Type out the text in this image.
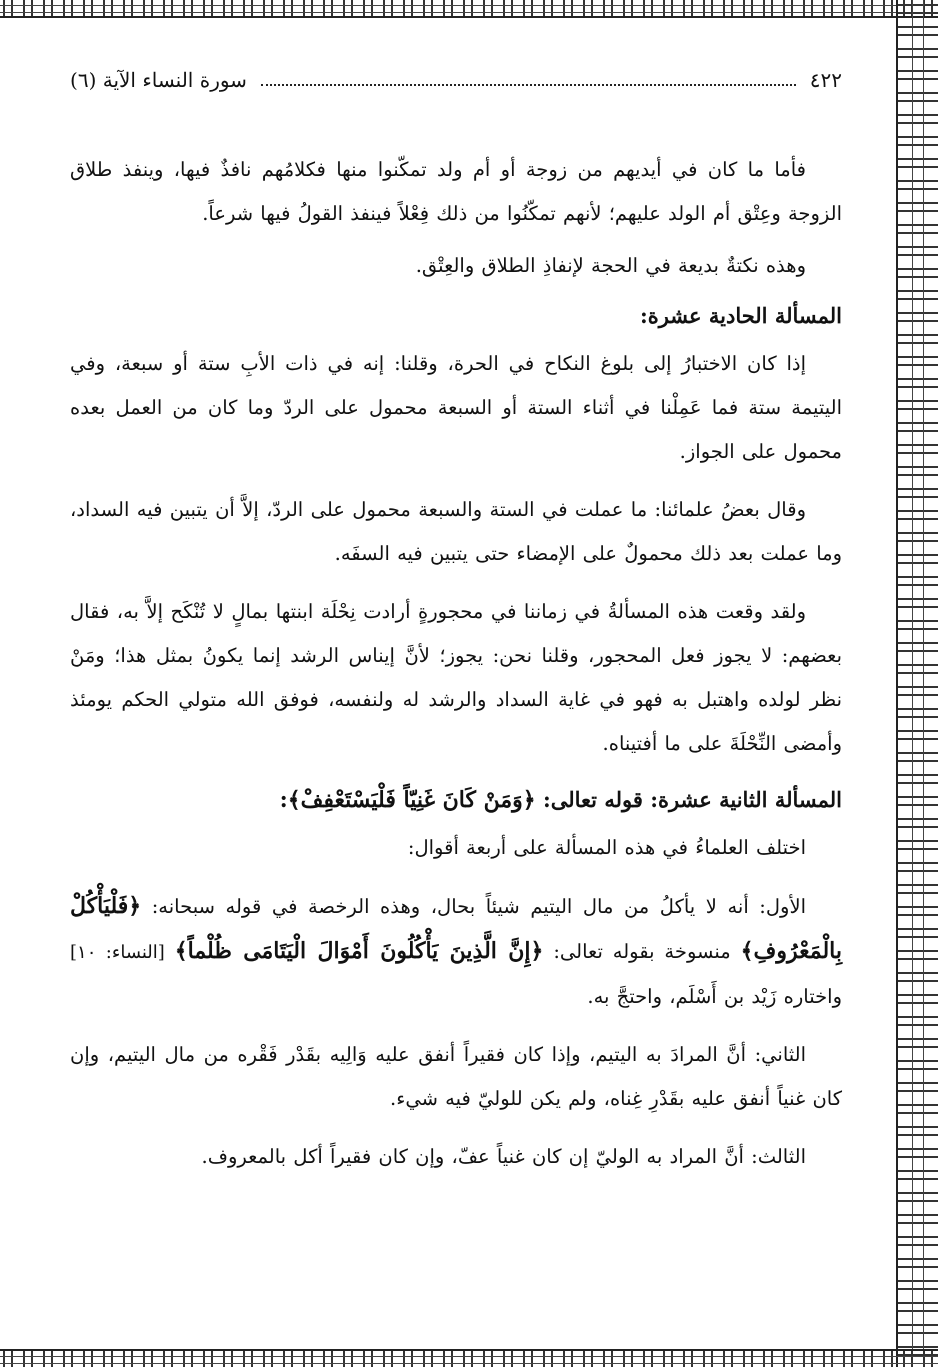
٤٢٢
سورة النساء الآية (٦)

فأما ما كان في أيديهم من زوجة أو أم ولد تمكّنوا منها فكلامُهم نافذٌ فيها، وينفذ طلاق الزوجة وعِتْق أم الولد عليهم؛ لأنهم تمكّنُوا من ذلك فِعْلاً فينفذ القولُ فيها شرعاً.

وهذه نكتةٌ بديعة في الحجة لإنفاذِ الطلاق والعِتْق.

المسألة الحادية عشرة:

إذا كان الاختبارُ إلى بلوغ النكاح في الحرة، وقلنا: إنه في ذات الأبِ ستة أو سبعة، وفي اليتيمة ستة فما عَمِلْنا في أثناء الستة أو السبعة محمول على الردّ وما كان من العمل بعده محمول على الجواز.

وقال بعضُ علمائنا: ما عملت في الستة والسبعة محمول على الردّ، إلاَّ أن يتبين فيه السداد، وما عملت بعد ذلك محمولٌ على الإمضاء حتى يتبين فيه السفَه.

ولقد وقعت هذه المسألةُ في زماننا في محجورةٍ أرادت نِحْلَة ابنتها بمالٍ لا تُنْكَح إلاَّ به، فقال بعضهم: لا يجوز فعل المحجور، وقلنا نحن: يجوز؛ لأنَّ إيناس الرشد إنما يكونُ بمثل هذا؛ ومَنْ نظر لولده واهتبل به فهو في غاية السداد والرشد له ولنفسه، فوفق الله متولي الحكم يومئذ وأمضى النِّحْلَةَ على ما أفتيناه.

المسألة الثانية عشرة: قوله تعالى: ﴿وَمَنْ كَانَ غَنِيّاً فَلْيَسْتَعْفِفْ﴾:

اختلف العلماءُ في هذه المسألة على أربعة أقوال:

الأول: أنه لا يأكلُ من مال اليتيم شيئاً بحال، وهذه الرخصة في قوله سبحانه: ﴿فَلْيَأْكُلْ بِالْمَعْرُوفِ﴾ منسوخة بقوله تعالى: ﴿إِنَّ الَّذِينَ يَأْكُلُونَ أَمْوَالَ الْيَتَامَى ظُلْماً﴾ [النساء: ١٠] واختاره زَيْد بن أَسْلَم، واحتجَّ به.

الثاني: أنَّ المرادَ به اليتيم، وإذا كان فقيراً أنفق عليه وَالِيه بقَدْر فَقْره من مال اليتيم، وإن كان غنياً أنفق عليه بقَدْرِ غِناه، ولم يكن للوليّ فيه شيء.

الثالث: أنَّ المراد به الوليّ إن كان غنياً عفّ، وإن كان فقيراً أكل بالمعروف.
